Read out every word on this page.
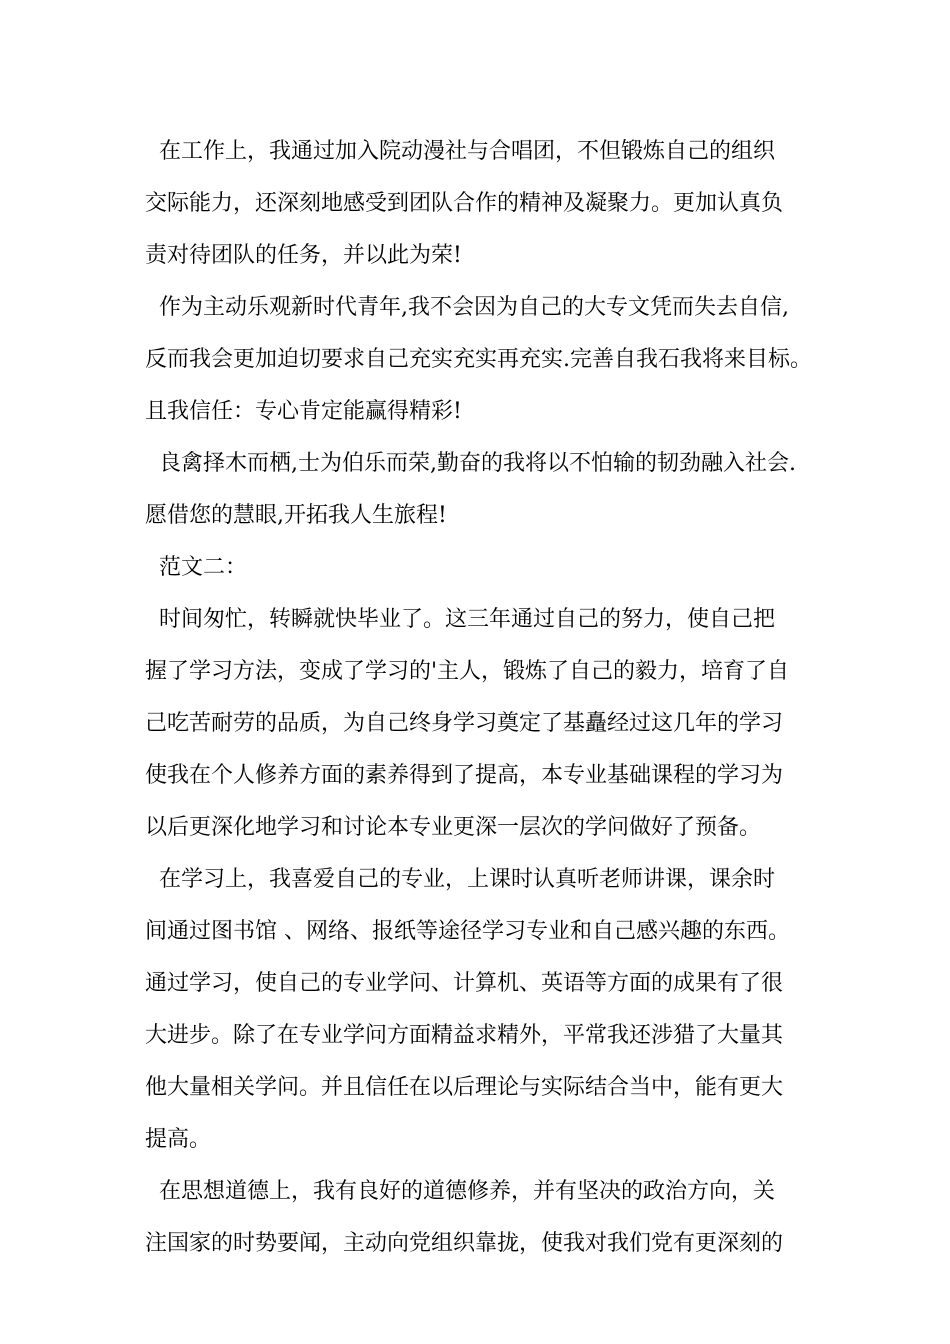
在工作上，我通过加入院动漫社与合唱团，不但锻炼自己的组织
交际能力，还深刻地感受到团队合作的精神及凝聚力。更加认真负
责对待团队的任务，并以此为荣!
作为主动乐观新时代青年,我不会因为自己的大专文凭而失去自信,
反而我会更加迫切要求自己充实充实再充实.完善自我石我将来目标。
且我信任：专心肯定能赢得精彩!
良禽择木而栖,士为伯乐而荣,勤奋的我将以不怕输的韧劲融入社会.
愿借您的慧眼,开拓我人生旅程!
范文二：
时间匆忙，转瞬就快毕业了。这三年通过自己的努力，使自己把
握了学习方法，变成了学习的'主人，锻炼了自己的毅力，培育了自
己吃苦耐劳的品质，为自己终身学习奠定了基矗经过这几年的学习
使我在个人修养方面的素养得到了提高，本专业基础课程的学习为
以后更深化地学习和讨论本专业更深一层次的学问做好了预备。
在学习上，我喜爱自己的专业，上课时认真听老师讲课，课余时
间通过图书馆 、网络、报纸等途径学习专业和自己感兴趣的东西。
通过学习，使自己的专业学问、计算机、英语等方面的成果有了很
大进步。除了在专业学问方面精益求精外，平常我还涉猎了大量其
他大量相关学问。并且信任在以后理论与实际结合当中，能有更大
提高。
在思想道德上，我有良好的道德修养，并有坚决的政治方向，关
注国家的时势要闻，主动向党组织靠拢，使我对我们党有更深刻的
